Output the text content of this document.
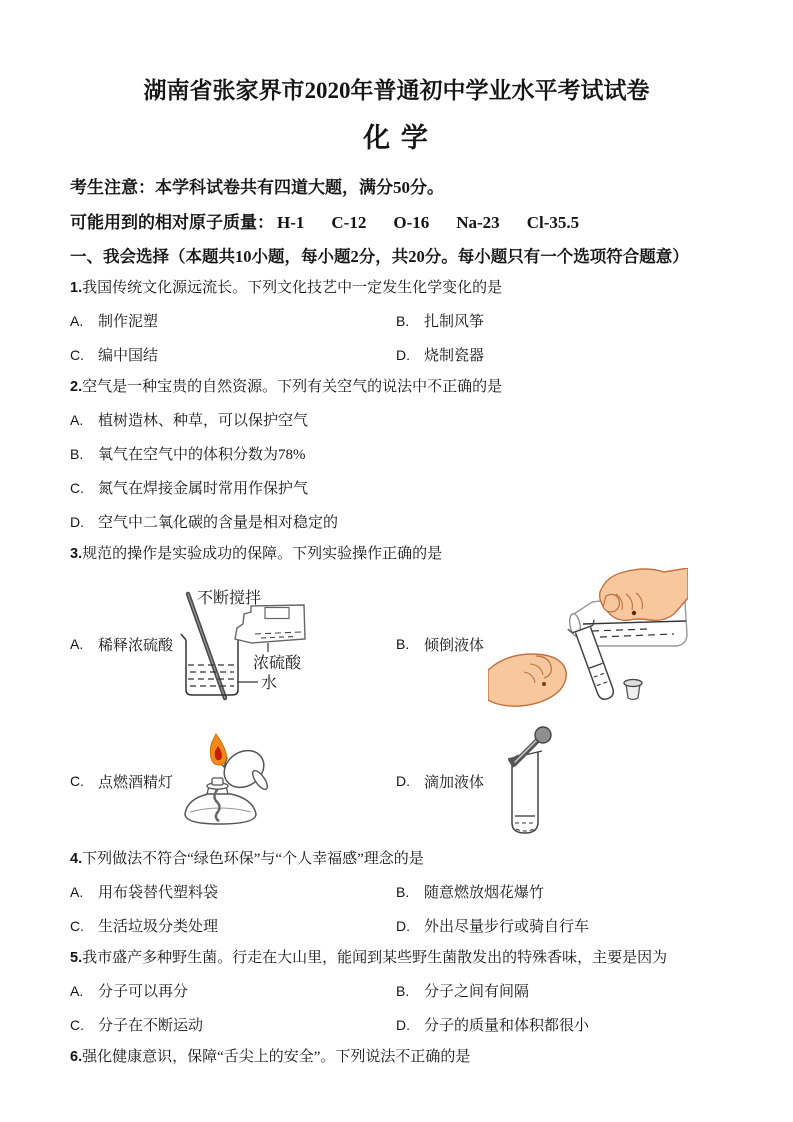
湖南省张家界市2020年普通初中学业水平考试试卷
化 学

考生注意：本学科试卷共有四道大题，满分50分。

可能用到的相对原子质量： H-1 C-12 O-16 Na-23 Cl-35.5

一、我会选择（本题共10小题，每小题2分，共20分。每小题只有一个选项符合题意）

1.我国传统文化源远流长。下列文化技艺中一定发生化学变化的是

A. 制作泥塑	B. 扎制风筝
C. 编中国结	D. 烧制瓷器

2.空气是一种宝贵的自然资源。下列有关空气的说法中不正确的是

A. 植树造林、种草，可以保护空气
B. 氧气在空气中的体积分数为78%
C. 氮气在焊接金属时常用作保护气
D. 空气中二氧化碳的含量是相对稳定的

3.规范的操作是实验成功的保障。下列实验操作正确的是

A. 稀释浓硫酸
不断搅拌
浓硫酸
水
B. 倾倒液体
C. 点燃酒精灯	D. 滴加液体

4.下列做法不符合“绿色环保”与“个人幸福感”理念的是

A. 用布袋替代塑料袋	B. 随意燃放烟花爆竹
C. 生活垃圾分类处理	D. 外出尽量步行或骑自行车

5.我市盛产多种野生菌。行走在大山里，能闻到某些野生菌散发出的特殊香味，主要是因为

A. 分子可以再分	B. 分子之间有间隔
C. 分子在不断运动	D. 分子的质量和体积都很小

6.强化健康意识，保障“舌尖上的安全”。下列说法不正确的是
